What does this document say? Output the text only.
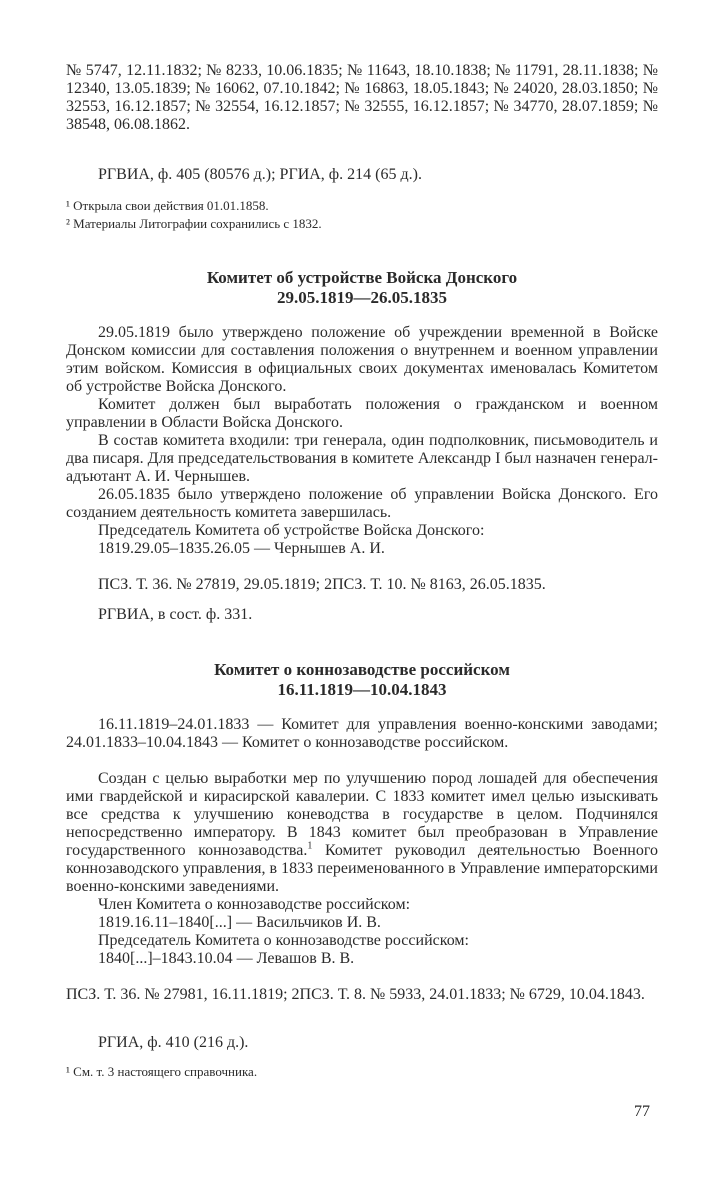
№ 5747, 12.11.1832; № 8233, 10.06.1835; № 11643, 18.10.1838; № 11791, 28.11.1838; № 12340, 13.05.1839; № 16062, 07.10.1842; № 16863, 18.05.1843; № 24020, 28.03.1850; № 32553, 16.12.1857; № 32554, 16.12.1857; № 32555, 16.12.1857; № 34770, 28.07.1859; № 38548, 06.08.1862.
РГВИА, ф. 405 (80576 д.); РГИА, ф. 214 (65 д.).
¹ Открыла свои действия 01.01.1858.
² Материалы Литографии сохранились с 1832.
Комитет об устройстве Войска Донского
29.05.1819—26.05.1835
29.05.1819 было утверждено положение об учреждении временной в Войске Донском комиссии для составления положения о внутреннем и военном управлении этим войском. Комиссия в официальных своих документах именовалась Комитетом об устройстве Войска Донского.
Комитет должен был выработать положения о гражданском и военном управлении в Области Войска Донского.
В состав комитета входили: три генерала, один подполковник, письмоводитель и два писаря. Для председательствования в комитете Александр I был назначен генерал-адъютант А. И. Чернышев.
26.05.1835 было утверждено положение об управлении Войска Донского. Его созданием деятельность комитета завершилась.
Председатель Комитета об устройстве Войска Донского:
1819.29.05–1835.26.05 — Чернышев А. И.
ПСЗ. Т. 36. № 27819, 29.05.1819; 2ПСЗ. Т. 10. № 8163, 26.05.1835.
РГВИА, в сост. ф. 331.
Комитет о коннозаводстве российском
16.11.1819—10.04.1843
16.11.1819–24.01.1833 — Комитет для управления военно-конскими заводами; 24.01.1833–10.04.1843 — Комитет о коннозаводстве российском.
Создан с целью выработки мер по улучшению пород лошадей для обеспечения ими гвардейской и кирасирской кавалерии. С 1833 комитет имел целью изыскивать все средства к улучшению коневодства в государстве в целом. Подчинялся непосредственно императору. В 1843 комитет был преобразован в Управление государственного коннозаводства.$^1$ Комитет руководил деятельностью Военного коннозаводского управления, в 1833 переименованного в Управление императорскими военно-конскими заведениями.
Член Комитета о коннозаводстве российском:
1819.16.11–1840[...] — Васильчиков И. В.
Председатель Комитета о коннозаводстве российском:
1840[...]–1843.10.04 — Левашов В. В.
ПСЗ. Т. 36. № 27981, 16.11.1819; 2ПСЗ. Т. 8. № 5933, 24.01.1833; № 6729, 10.04.1843.
РГИА, ф. 410 (216 д.).
¹ См. т. 3 настоящего справочника.
77
